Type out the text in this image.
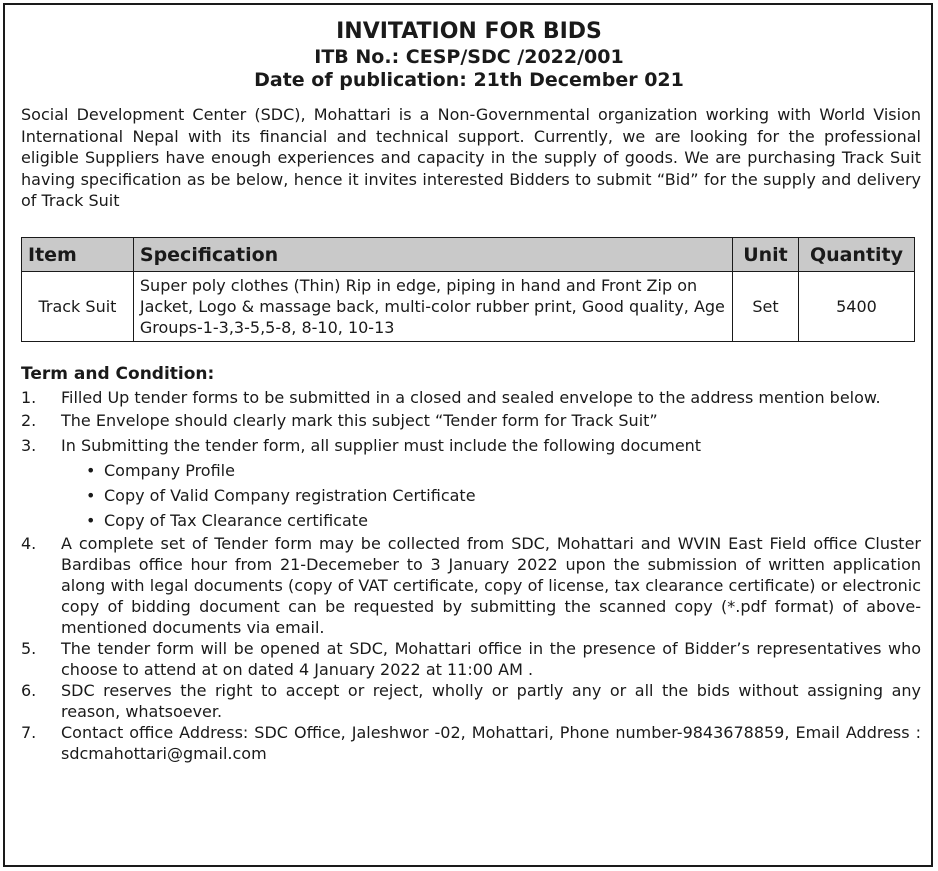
INVITATION FOR BIDS
ITB No.: CESP/SDC /2022/001
Date of publication: 21th December 021

Social Development Center (SDC), Mohattari is a Non-Governmental organization working with World Vision International Nepal with its financial and technical support. Currently, we are looking for the professional eligible Suppliers have enough experiences and capacity in the supply of goods. We are purchasing Track Suit having specification as be below, hence it invites interested Bidders to submit “Bid” for the supply and delivery of Track Suit

Item	Specification	Unit	Quantity
Track Suit	Super poly clothes (Thin) Rip in edge, piping in hand and Front Zip on Jacket, Logo & massage back, multi-color rubber print, Good quality, Age Groups-1-3,3-5,5-8, 8-10, 10-13	Set	5400
Term and Condition:
1. Filled Up tender forms to be submitted in a closed and sealed envelope to the address mention below.
2. The Envelope should clearly mark this subject “Tender form for Track Suit”
3. In Submitting the tender form, all supplier must include the following document
• Company Profile
• Copy of Valid Company registration Certificate
• Copy of Tax Clearance certificate
4. A complete set of Tender form may be collected from SDC, Mohattari and WVIN East Field office Cluster Bardibas office hour from 21-Decemeber to 3 January 2022 upon the submission of written application along with legal documents (copy of VAT certificate, copy of license, tax clearance certificate) or electronic copy of bidding document can be requested by submitting the scanned copy (*.pdf format) of above-mentioned documents via email.
5. The tender form will be opened at SDC, Mohattari office in the presence of Bidder’s representatives who choose to attend at on dated 4 January 2022 at 11:00 AM .
6. SDC reserves the right to accept or reject, wholly or partly any or all the bids without assigning any reason, whatsoever.
7. Contact office Address: SDC Office, Jaleshwor -02, Mohattari, Phone number-9843678859, Email Address : sdcmahottari@gmail.com
